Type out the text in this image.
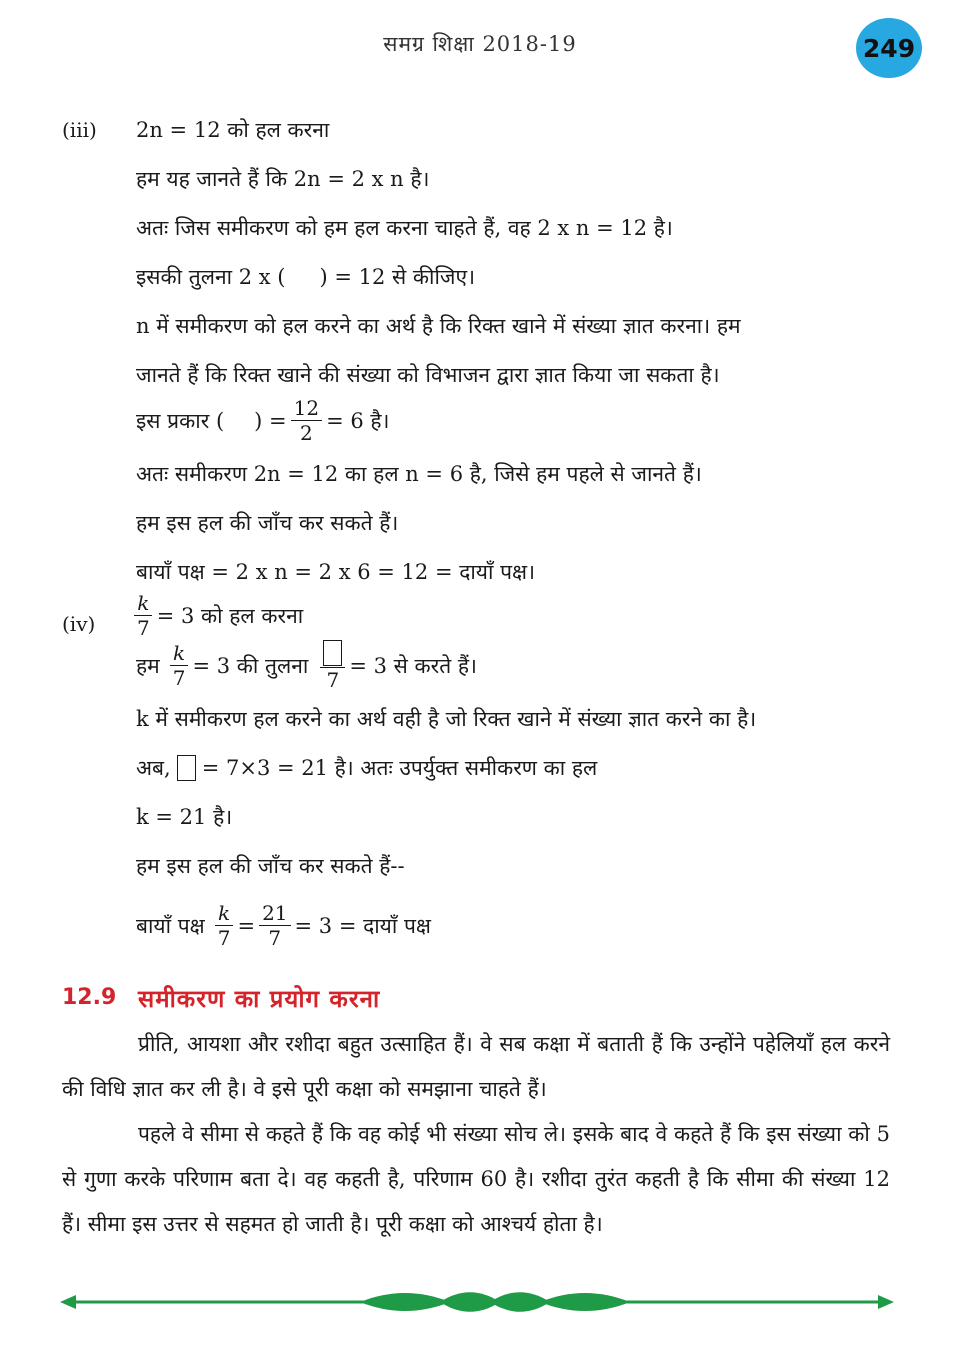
समग्र शिक्षा 2018-19	249
(iii) 2n = 12 को हल करना
हम यह जानते हैं कि 2n = 2 x n है।
अतः जिस समीकरण को हम हल करना चाहते हैं, वह 2 x n = 12 है।
इसकी तुलना 2 x ( ) = 12 से कीजिए।
n में समीकरण को हल करने का अर्थ है कि रिक्त खाने में संख्या ज्ञात करना। हम
जानते हैं कि रिक्त खाने की संख्या को विभाजन द्वारा ज्ञात किया जा सकता है।
इस प्रकार ( ) = $\frac{12}{2} = 6$ है।
अतः समीकरण 2n = 12 का हल n = 6 है, जिसे हम पहले से जानते हैं।
हम इस हल की जाँच कर सकते हैं।
बायाँ पक्ष = 2 x n = 2 x 6 = 12 = दायाँ पक्ष।
$(iv) \frac{k}{7} = 3$ को हल करना
हम $\frac{k}{7} = 3$ की तुलना
7
= 3 से करते हैं।
k में समीकरण हल करने का अर्थ वही है जो रिक्त खाने में संख्या ज्ञात करने का है।
अब, = 7×3 = 21 है। अतः उपर्युक्त समीकरण का हल
k = 21 है।
हम इस हल की जाँच कर सकते हैं--
बायाँ पक्ष $\frac{k}{7} = \frac{21}{7} = 3$ = दायाँ पक्ष
12.9 समीकरण का प्रयोग करना
प्रीति, आयशा और रशीदा बहुत उत्साहित हैं। वे सब कक्षा में बताती हैं कि उन्होंने पहेलियाँ हल करने की विधि ज्ञात कर ली है। वे इसे पूरी कक्षा को समझाना चाहते हैं।
पहले वे सीमा से कहते हैं कि वह कोई भी संख्या सोच ले। इसके बाद वे कहते हैं कि इस संख्या को 5 से गुणा करके परिणाम बता दे। वह कहती है, परिणाम 60 है। रशीदा तुरंत कहती है कि सीमा की संख्या 12 हैं। सीमा इस उत्तर से सहमत हो जाती है। पूरी कक्षा को आश्चर्य होता है।
